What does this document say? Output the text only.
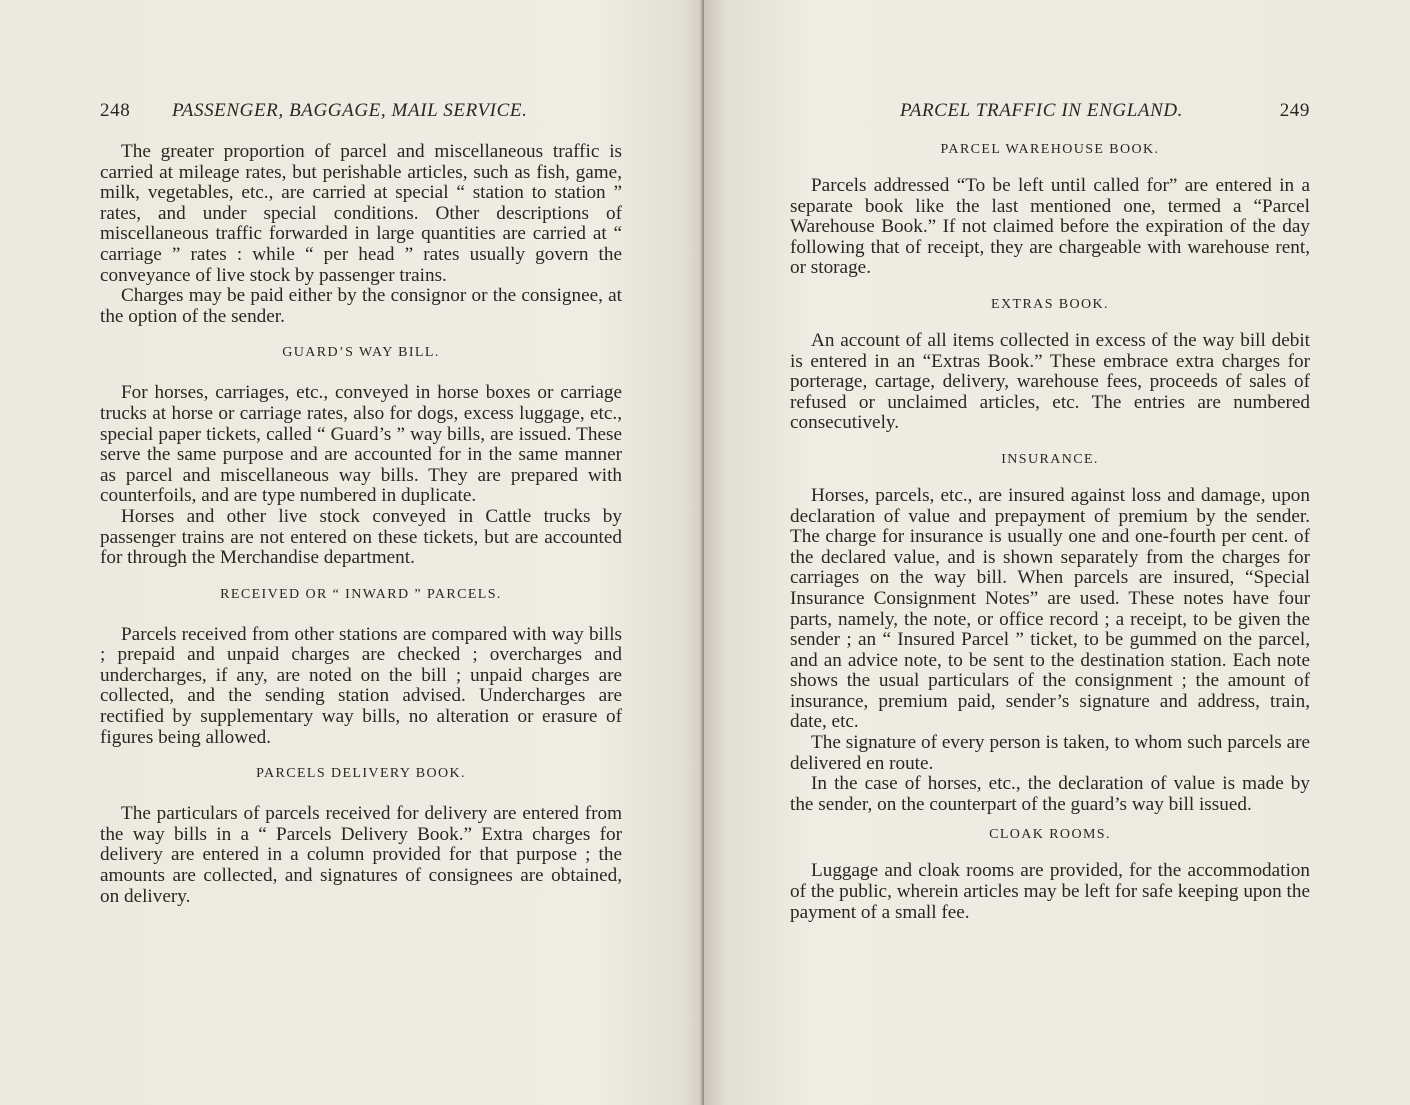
248 PASSENGER, BAGGAGE, MAIL SERVICE.

The greater proportion of parcel and miscellaneous traffic is carried at mileage rates, but perishable articles, such as fish, game, milk, vegetables, etc., are carried at special “ station to station ” rates, and under special conditions. Other descriptions of miscellaneous traffic forwarded in large quantities are carried at “ carriage ” rates : while “ per head ” rates usually govern the conveyance of live stock by passenger trains.

Charges may be paid either by the consignor or the consignee, at the option of the sender.

GUARD’S WAY BILL.

For horses, carriages, etc., conveyed in horse boxes or carriage trucks at horse or carriage rates, also for dogs, excess luggage, etc., special paper tickets, called “ Guard’s ” way bills, are issued. These serve the same purpose and are accounted for in the same manner as parcel and miscellaneous way bills. They are prepared with counterfoils, and are type numbered in duplicate.

Horses and other live stock conveyed in Cattle trucks by passenger trains are not entered on these tickets, but are accounted for through the Merchandise department.

RECEIVED OR “ INWARD ” PARCELS.

Parcels received from other stations are compared with way bills ; prepaid and unpaid charges are checked ; overcharges and undercharges, if any, are noted on the bill ; unpaid charges are collected, and the sending station advised. Undercharges are rectified by supplementary way bills, no alteration or erasure of figures being allowed.

PARCELS DELIVERY BOOK.

The particulars of parcels received for delivery are entered from the way bills in a “ Parcels Delivery Book.” Extra charges for delivery are entered in a column provided for that purpose ; the amounts are collected, and signatures of consignees are obtained, on delivery.

PARCEL TRAFFIC IN ENGLAND.	249
PARCEL WAREHOUSE BOOK.

Parcels addressed “To be left until called for” are entered in a separate book like the last mentioned one, termed a “Parcel Warehouse Book.” If not claimed before the expiration of the day following that of receipt, they are chargeable with warehouse rent, or storage.

EXTRAS BOOK.

An account of all items collected in excess of the way bill debit is entered in an “Extras Book.” These embrace extra charges for porterage, cartage, delivery, warehouse fees, proceeds of sales of refused or unclaimed articles, etc. The entries are numbered consecutively.

INSURANCE.

Horses, parcels, etc., are insured against loss and damage, upon declaration of value and prepayment of premium by the sender. The charge for insurance is usually one and one-fourth per cent. of the declared value, and is shown separately from the charges for carriages on the way bill. When parcels are insured, “Special Insurance Consignment Notes” are used. These notes have four parts, namely, the note, or office record ; a receipt, to be given the sender ; an “ Insured Parcel ” ticket, to be gummed on the parcel, and an advice note, to be sent to the destination station. Each note shows the usual particulars of the consignment ; the amount of insurance, premium paid, sender’s signature and address, train, date, etc.

The signature of every person is taken, to whom such parcels are delivered en route.

In the case of horses, etc., the declaration of value is made by the sender, on the counterpart of the guard’s way bill issued.

CLOAK ROOMS.

Luggage and cloak rooms are provided, for the accommodation of the public, wherein articles may be left for safe keeping upon the payment of a small fee.
